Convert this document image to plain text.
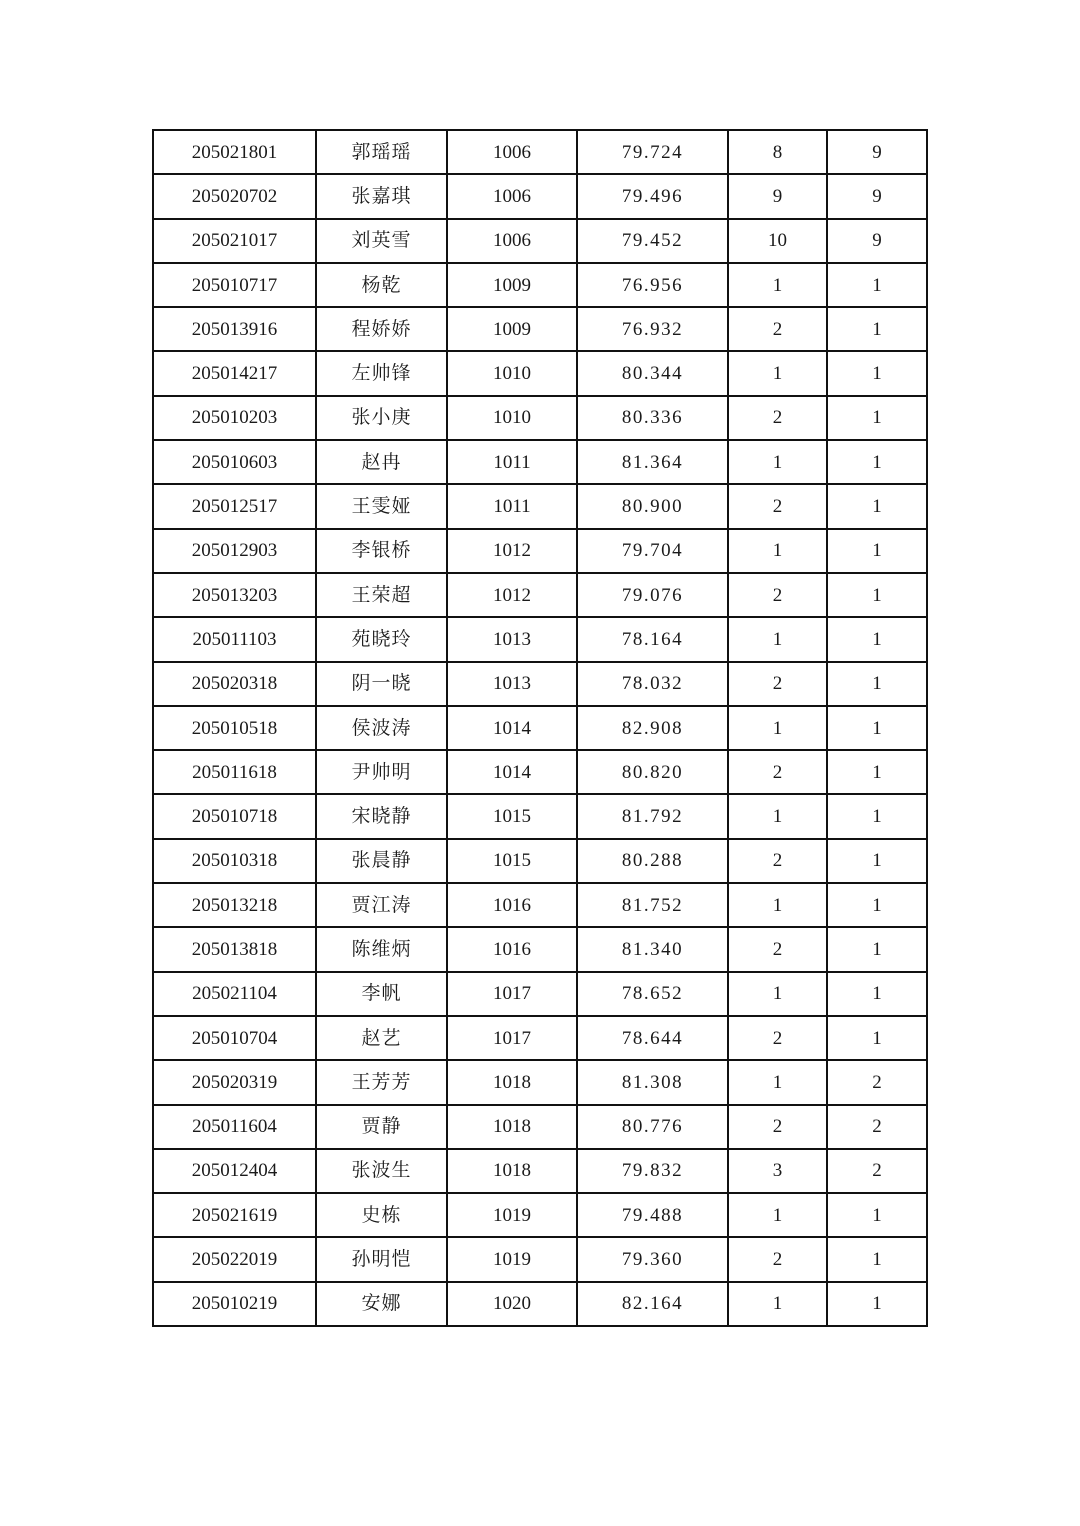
205021801	郭瑶瑶	1006	79.724	8	9
205020702	张嘉琪	1006	79.496	9	9
205021017	刘英雪	1006	79.452	10	9
205010717	杨乾	1009	76.956	1	1
205013916	程娇娇	1009	76.932	2	1
205014217	左帅锋	1010	80.344	1	1
205010203	张小庚	1010	80.336	2	1
205010603	赵冉	1011	81.364	1	1
205012517	王雯娅	1011	80.900	2	1
205012903	李银桥	1012	79.704	1	1
205013203	王荣超	1012	79.076	2	1
205011103	苑晓玲	1013	78.164	1	1
205020318	阴一晓	1013	78.032	2	1
205010518	侯波涛	1014	82.908	1	1
205011618	尹帅明	1014	80.820	2	1
205010718	宋晓静	1015	81.792	1	1
205010318	张晨静	1015	80.288	2	1
205013218	贾江涛	1016	81.752	1	1
205013818	陈维炳	1016	81.340	2	1
205021104	李帆	1017	78.652	1	1
205010704	赵艺	1017	78.644	2	1
205020319	王芳芳	1018	81.308	1	2
205011604	贾静	1018	80.776	2	2
205012404	张波生	1018	79.832	3	2
205021619	史栋	1019	79.488	1	1
205022019	孙明恺	1019	79.360	2	1
205010219	安娜	1020	82.164	1	1
